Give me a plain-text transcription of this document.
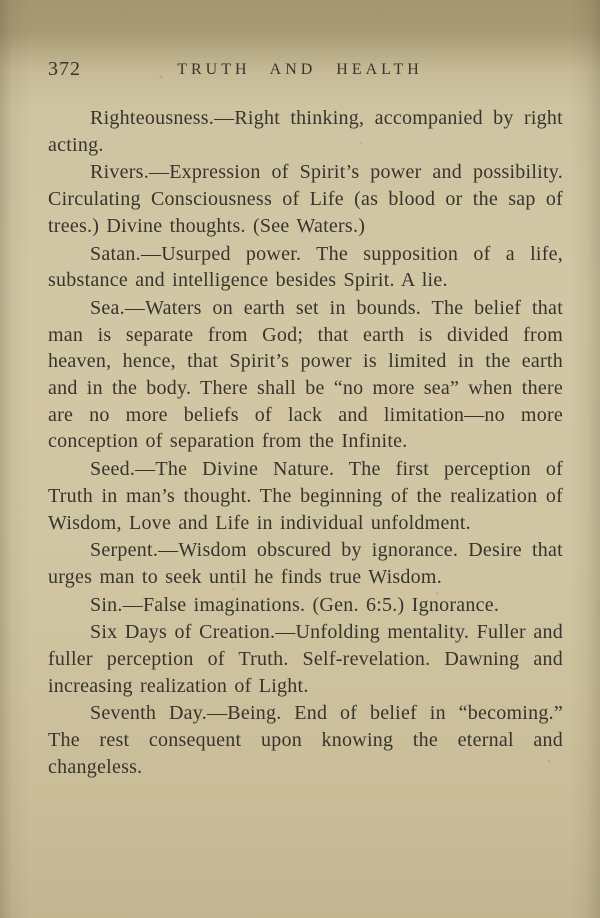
372	TRUTH AND HEALTH

Righteousness.—Right thinking, accompanied by right acting.

Rivers.—Expression of Spirit’s power and possibility. Circulating Consciousness of Life (as blood or the sap of trees.) Divine thoughts. (See Waters.)

Satan.—Usurped power. The supposition of a life, substance and intelligence besides Spirit. A lie.

Sea.—Waters on earth set in bounds. The belief that man is separate from God; that earth is divided from heaven, hence, that Spirit’s power is limited in the earth and in the body. There shall be “no more sea” when there are no more beliefs of lack and limitation—no more conception of separation from the Infinite.

Seed.—The Divine Nature. The first perception of Truth in man’s thought. The beginning of the realization of Wisdom, Love and Life in individual unfoldment.

Serpent.—Wisdom obscured by ignorance. Desire that urges man to seek until he finds true Wisdom.

Sin.—False imaginations. (Gen. 6:5.) Ignorance.

Six Days of Creation.—Unfolding mentality. Fuller and fuller perception of Truth. Self-revelation. Dawning and increasing realization of Light.

Seventh Day.—Being. End of belief in “becoming.” The rest consequent upon knowing the eternal and changeless.
